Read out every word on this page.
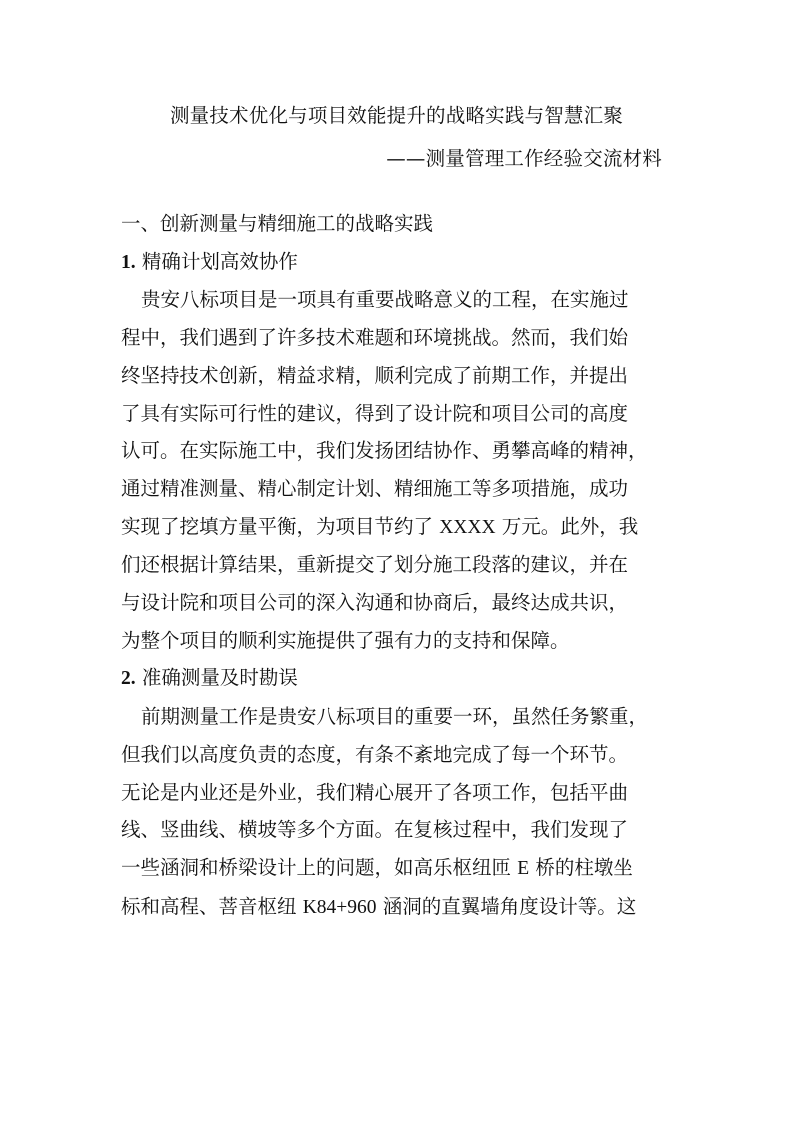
测量技术优化与项目效能提升的战略实践与智慧汇聚
——测量管理工作经验交流材料
一、创新测量与精细施工的战略实践
1. 精确计划高效协作
贵安八标项目是一项具有重要战略意义的工程，在实施过
程中，我们遇到了许多技术难题和环境挑战。然而，我们始
终坚持技术创新，精益求精，顺利完成了前期工作，并提出
了具有实际可行性的建议，得到了设计院和项目公司的高度
认可。在实际施工中，我们发扬团结协作、勇攀高峰的精神，
通过精准测量、精心制定计划、精细施工等多项措施，成功
实现了挖填方量平衡，为项目节约了 XXXX 万元。此外，我
们还根据计算结果，重新提交了划分施工段落的建议，并在
与设计院和项目公司的深入沟通和协商后，最终达成共识，
为整个项目的顺利实施提供了强有力的支持和保障。
2. 准确测量及时勘误
前期测量工作是贵安八标项目的重要一环，虽然任务繁重，
但我们以高度负责的态度，有条不紊地完成了每一个环节。
无论是内业还是外业，我们精心展开了各项工作，包括平曲
线、竖曲线、横坡等多个方面。在复核过程中，我们发现了
一些涵洞和桥梁设计上的问题，如高乐枢纽匝 E 桥的柱墩坐
标和高程、菩音枢纽 K84+960 涵洞的直翼墙角度设计等。这
